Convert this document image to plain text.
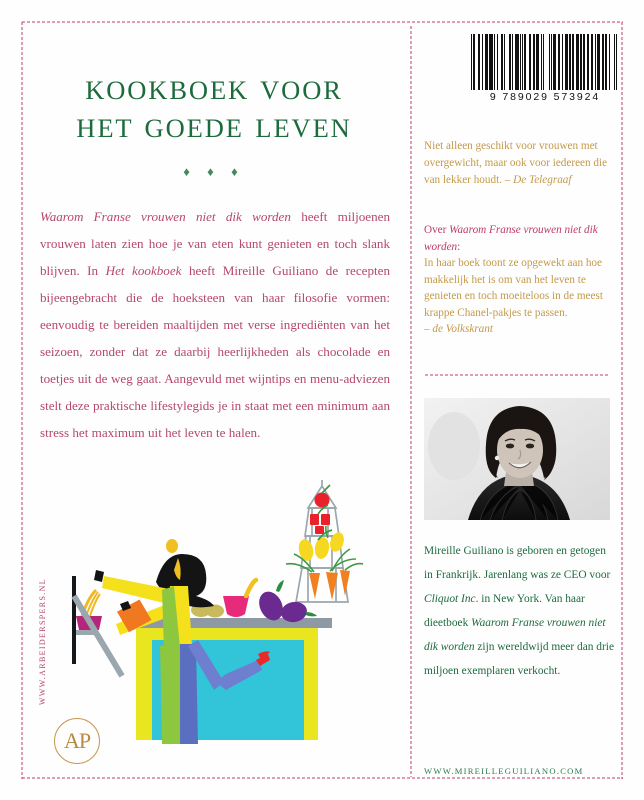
KOOKBOEK VOOR
HET GOEDE LEVEN
♦ ♦ ♦
Waarom Franse vrouwen niet dik worden heeft miljoenen vrouwen laten zien hoe je van eten kunt genieten en toch slank blijven. In Het kookboek heeft Mireille Guiliano de recepten bijeengebracht die de hoeksteen van haar filosofie vormen: eenvoudig te bereiden maaltijden met verse ingrediënten van het seizoen, zonder dat ze daarbij heerlijkheden als chocolade en toetjes uit de weg gaat. Aangevuld met wijntips en menu-adviezen stelt deze praktische lifestylegids je in staat met een minimum aan stress het maximum uit het leven te halen.
WWW.ARBEIDERSPERS.NL
AP
9 789029 573924
Niet alleen geschikt voor vrouwen met overgewicht, maar ook voor iedereen die van lekker houdt. – De Telegraaf
Over Waarom Franse vrouwen niet dik worden:
In haar boek toont ze opgewekt aan hoe makkelijk het is om van het leven te genieten en toch moeiteloos in de meest krappe Chanel-pakjes te passen.
– de Volkskrant
Mireille Guiliano is geboren en getogen in Frankrijk. Jarenlang was ze CEO voor Cliquot Inc. in New York. Van haar dieetboek Waarom Franse vrouwen niet dik worden zijn wereldwijd meer dan drie miljoen exemplaren verkocht.
WWW.MIREILLEGUILIANO.COM
